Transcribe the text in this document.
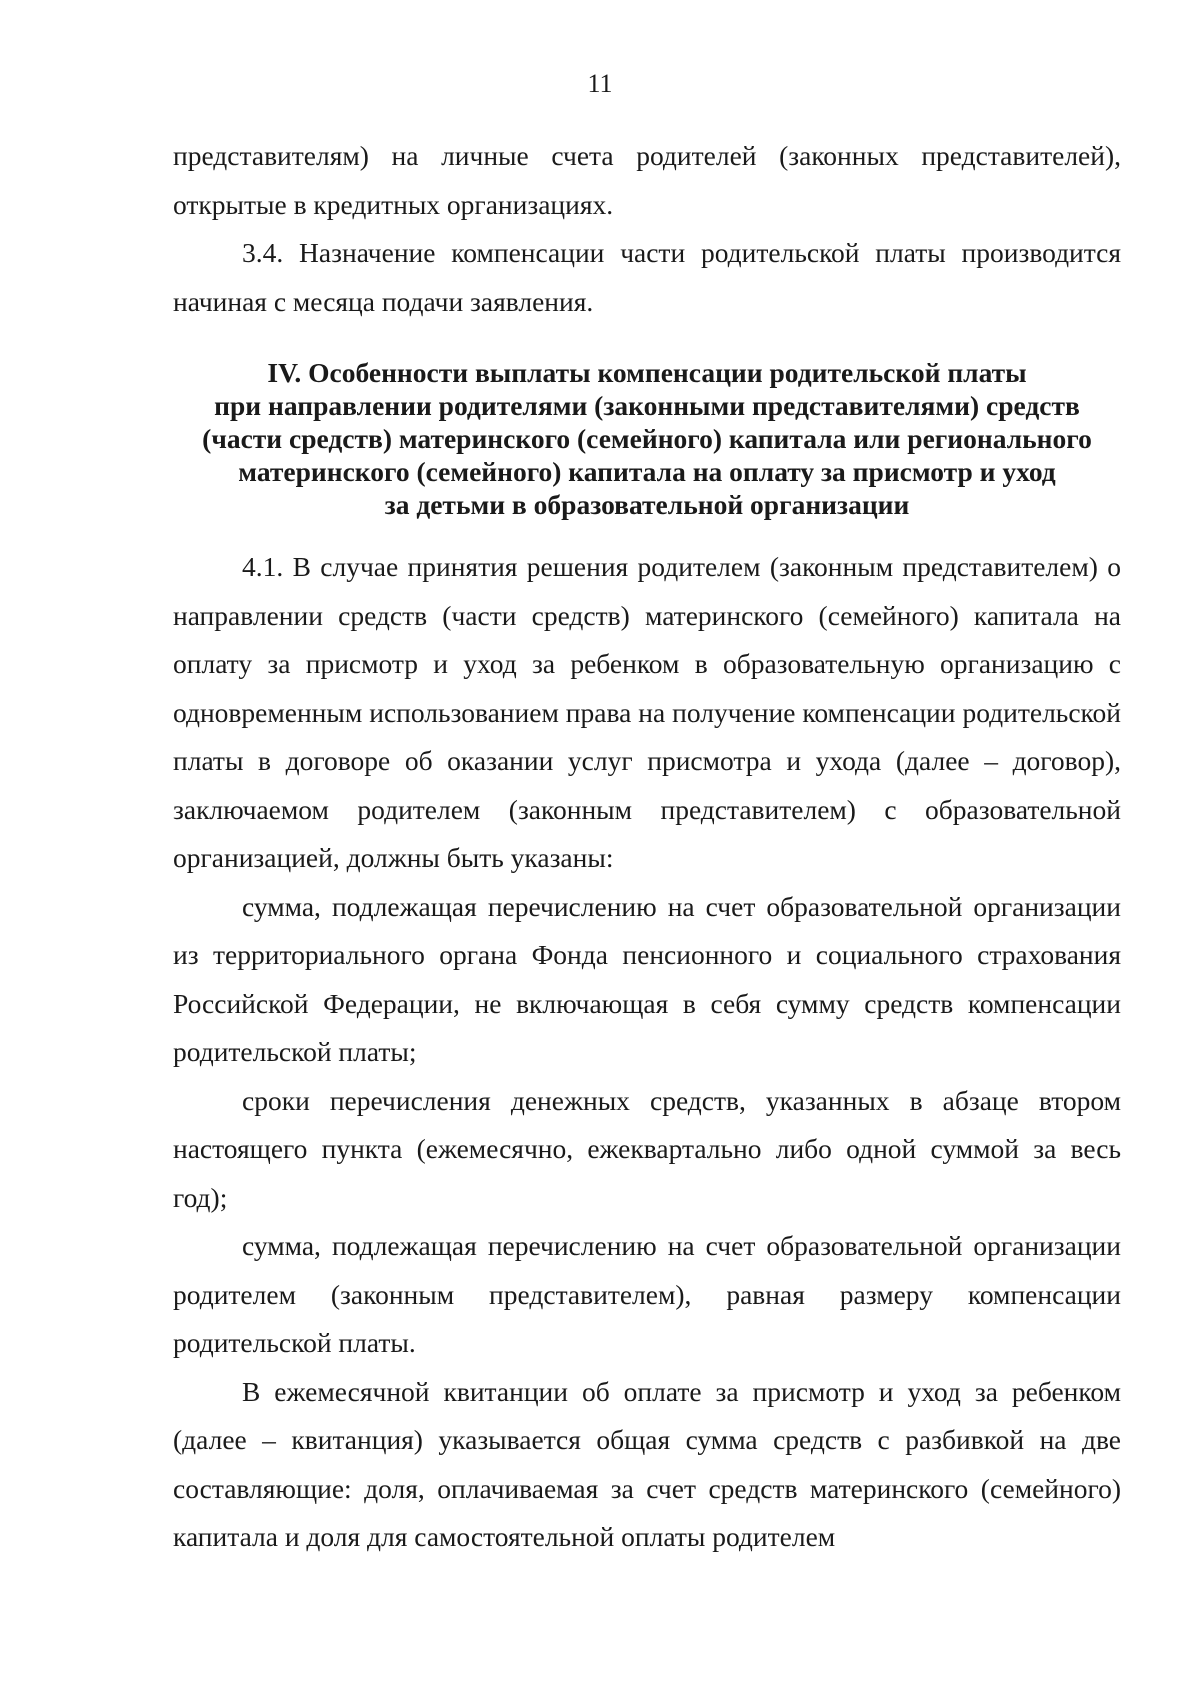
11

представителям) на личные счета родителей (законных представителей), открытые в кредитных организациях.

3.4. Назначение компенсации части родительской платы производится начиная с месяца подачи заявления.

IV. Особенности выплаты компенсации родительской платы
при направлении родителями (законными представителями) средств
(части средств) материнского (семейного) капитала или регионального
материнского (семейного) капитала на оплату за присмотр и уход
за детьми в образовательной организации

4.1. В случае принятия решения родителем (законным представителем) о направлении средств (части средств) материнского (семейного) капитала на оплату за присмотр и уход за ребенком в образовательную организацию с одновременным использованием права на получение компенсации родительской платы в договоре об оказании услуг присмотра и ухода (далее – договор), заключаемом родителем (законным представителем) с образовательной организацией, должны быть указаны:

сумма, подлежащая перечислению на счет образовательной организации из территориального органа Фонда пенсионного и социального страхования Российской Федерации, не включающая в себя сумму средств компенсации родительской платы;

сроки перечисления денежных средств, указанных в абзаце втором настоящего пункта (ежемесячно, ежеквартально либо одной суммой за весь год);

сумма, подлежащая перечислению на счет образовательной организации родителем (законным представителем), равная размеру компенсации родительской платы.

В ежемесячной квитанции об оплате за присмотр и уход за ребенком (далее – квитанция) указывается общая сумма средств с разбивкой на две составляющие: доля, оплачиваемая за счет средств материнского (семейного) капитала и доля для самостоятельной оплаты родителем
